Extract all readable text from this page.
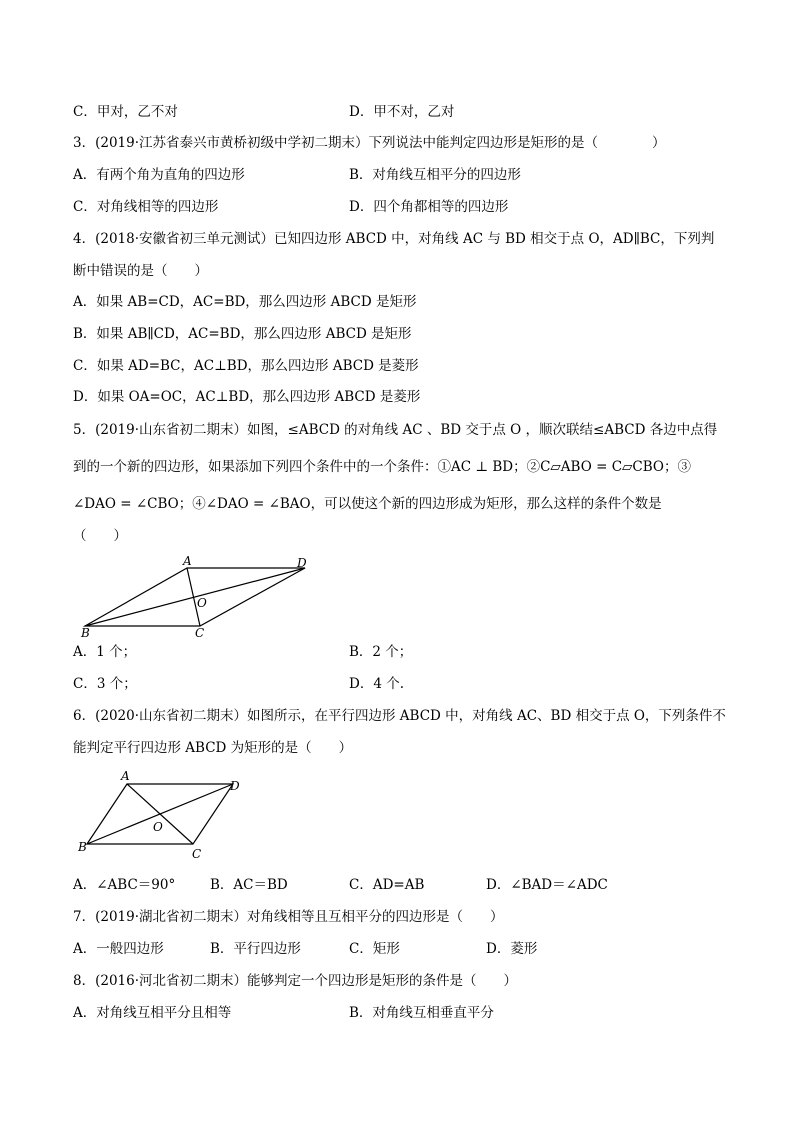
C．甲对，乙不对	D．甲不对，乙对
3．(2019·江苏省泰兴市黄桥初级中学初二期末）下列说法中能判定四边形是矩形的是（　　　　）
A．有两个角为直角的四边形	B．对角线互相平分的四边形
C．对角线相等的四边形	D．四个角都相等的四边形
4．(2018·安徽省初三单元测试）已知四边形 ABCD 中，对角线 AC 与 BD 相交于点 O，AD∥BC，下列判
断中错误的是（　　）
A．如果 AB=CD，AC=BD，那么四边形 ABCD 是矩形
B．如果 AB∥CD，AC=BD，那么四边形 ABCD 是矩形
C．如果 AD=BC，AC⊥BD，那么四边形 ABCD 是菱形
D．如果 OA=OC，AC⊥BD，那么四边形 ABCD 是菱形
5．(2019·山东省初二期末）如图，≤ABCD 的对角线 AC 、BD 交于点 O ，顺次联结≤ABCD 各边中点得
到的一个新的四边形，如果添加下列四个条件中的一个条件：①AC ⊥ BD；②C▱ABO = C▱CBO；③
∠DAO = ∠CBO；④∠DAO = ∠BAO，可以使这个新的四边形成为矩形，那么这样的条件个数是
（　　）
A	D
O
B	C
A．1 个；	B．2 个；
C．3 个；	D．4 个.
6．(2020·山东省初二期末）如图所示，在平行四边形 ABCD 中，对角线 AC、BD 相交于点 O，下列条件不
能判定平行四边形 ABCD 为矩形的是（　　）
A
D
O
B	C
A．∠ABC＝90°	B．AC＝BD	C．AD=AB	D．∠BAD＝∠ADC
7．(2019·湖北省初二期末）对角线相等且互相平分的四边形是（　　）
A．一般四边形	B．平行四边形	C．矩形	D．菱形
8．(2016·河北省初二期末）能够判定一个四边形是矩形的条件是（　　）
A．对角线互相平分且相等	B．对角线互相垂直平分
